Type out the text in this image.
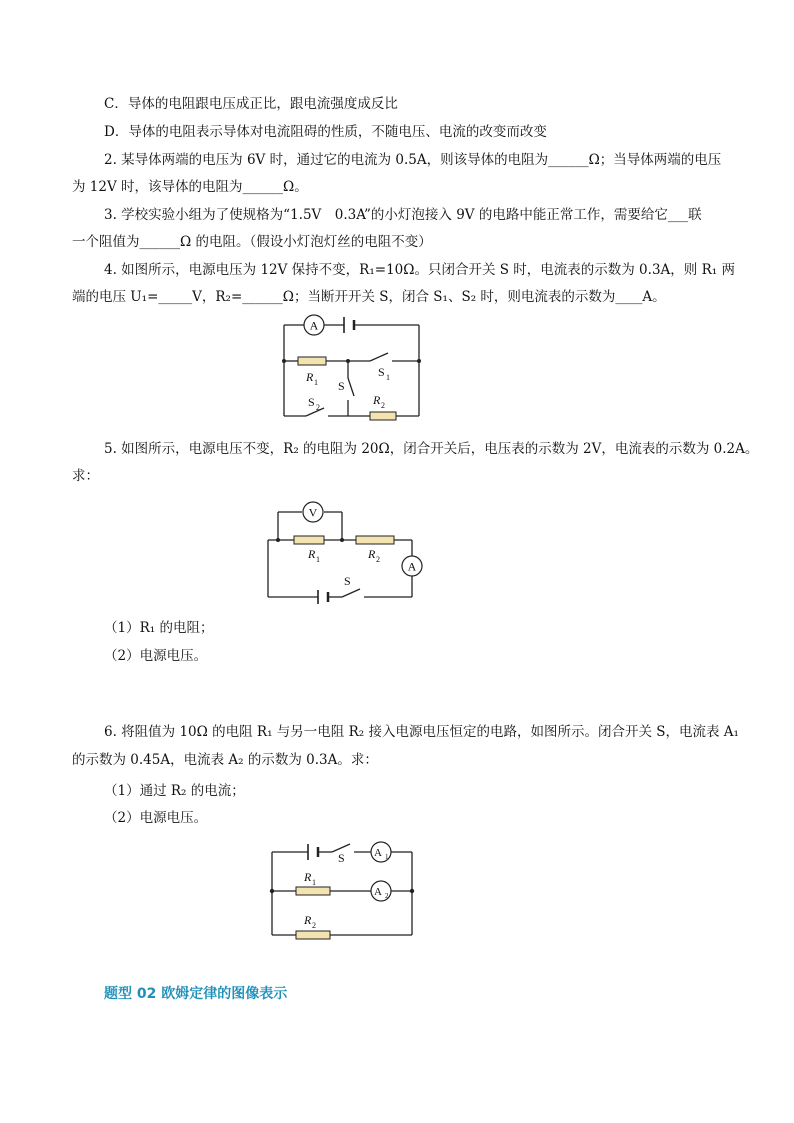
C．导体的电阻跟电压成正比，跟电流强度成反比
D．导体的电阻表示导体对电流阻碍的性质，不随电压、电流的改变而改变
2. 某导体两端的电压为 6V 时，通过它的电流为 0.5A，则该导体的电阻为______Ω；当导体两端的电压
为 12V 时，该导体的电阻为______Ω。
3. 学校实验小组为了使规格为“1.5V　0.3A”的小灯泡接入 9V 的电路中能正常工作，需要给它___联
一个阻值为______Ω 的电阻。（假设小灯泡灯丝的电阻不变）
4. 如图所示，电源电压为 12V 保持不变，R₁=10Ω。只闭合开关 S 时，电流表的示数为 0.3A，则 R₁ 两
端的电压 U₁=_____V，R₂=______Ω；当断开开关 S，闭合 S₁、S₂ 时，则电流表的示数为____A。
A
R 1
S 1
S
S 2
R 2
5. 如图所示，电源电压不变，R₂ 的电阻为 20Ω，闭合开关后，电压表的示数为 2V，电流表的示数为 0.2A。
求：
V
R 1	R 2 A
S
（1）R₁ 的电阻；
（2）电源电压。
6. 将阻值为 10Ω 的电阻 R₁ 与另一电阻 R₂ 接入电源电压恒定的电路，如图所示。闭合开关 S，电流表 A₁
的示数为 0.45A，电流表 A₂ 的示数为 0.3A。求：
（1）通过 R₂ 的电流；
（2）电源电压。
S	A 1
R 1
A 2
R 2
题型 02 欧姆定律的图像表示
